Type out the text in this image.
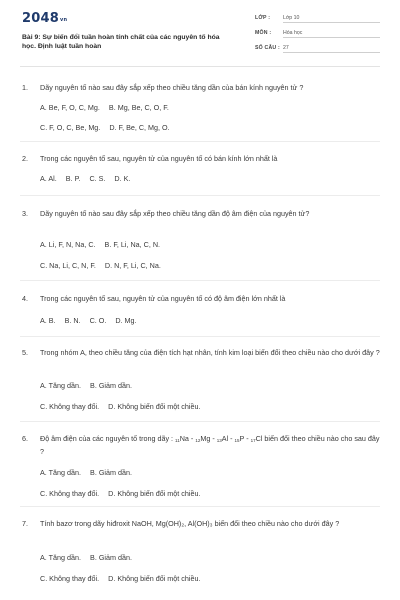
$2048^{vn}$
Bài 9: Sự biến đổi tuần hoàn tính chất của các nguyên tố hóa học. Định luật tuần hoàn
LỚP : Lớp 10
MÔN : Hóa học
SỐ CÂU : 27
1. Dãy nguyên tố nào sau đây sắp xếp theo chiều tăng dần của bán kính nguyên tử ?
A. Be, F, O, C, Mg. B. Mg, Be, C, O, F.
C. F, O, C, Be, Mg. D. F, Be, C, Mg, O.
2. Trong các nguyên tố sau, nguyên tử của nguyên tố có bán kính lớn nhất là
A. Al. B. P. C. S. D. K.
3. Dãy nguyên tố nào sau đây sắp xếp theo chiều tăng dần độ âm điện của nguyên tử?
A. Li, F, N, Na, C. B. F, Li, Na, C, N.
C. Na, Li, C, N, F. D. N, F, Li, C, Na.
4. Trong các nguyên tố sau, nguyên tử của nguyên tố có độ âm điện lớn nhất là
A. B. B. N. C. O. D. Mg.
5. Trong nhóm A, theo chiều tăng của điện tích hạt nhân, tính kim loại biến đổi theo chiều nào cho dưới đây ?
A. Tăng dần. B. Giảm dần.
C. Không thay đổi. D. Không biến đổi một chiều.
6. Độ âm điện của các nguyên tố trong dãy : $_{11}$Na - $_{12}$Mg - $_{13}$Al - $_{15}$P - $_{17}$Cl biến đổi theo chiều nào cho sau đây ?
A. Tăng dần. B. Giảm dần.
C. Không thay đổi. D. Không biến đổi một chiều.
7. Tính bazơ trong dãy hiđroxit NaOH, Mg(OH)₂, Al(OH)₃ biến đổi theo chiều nào cho dưới đây ?
A. Tăng dần. B. Giảm dần.
C. Không thay đổi. D. Không biến đổi một chiều.
